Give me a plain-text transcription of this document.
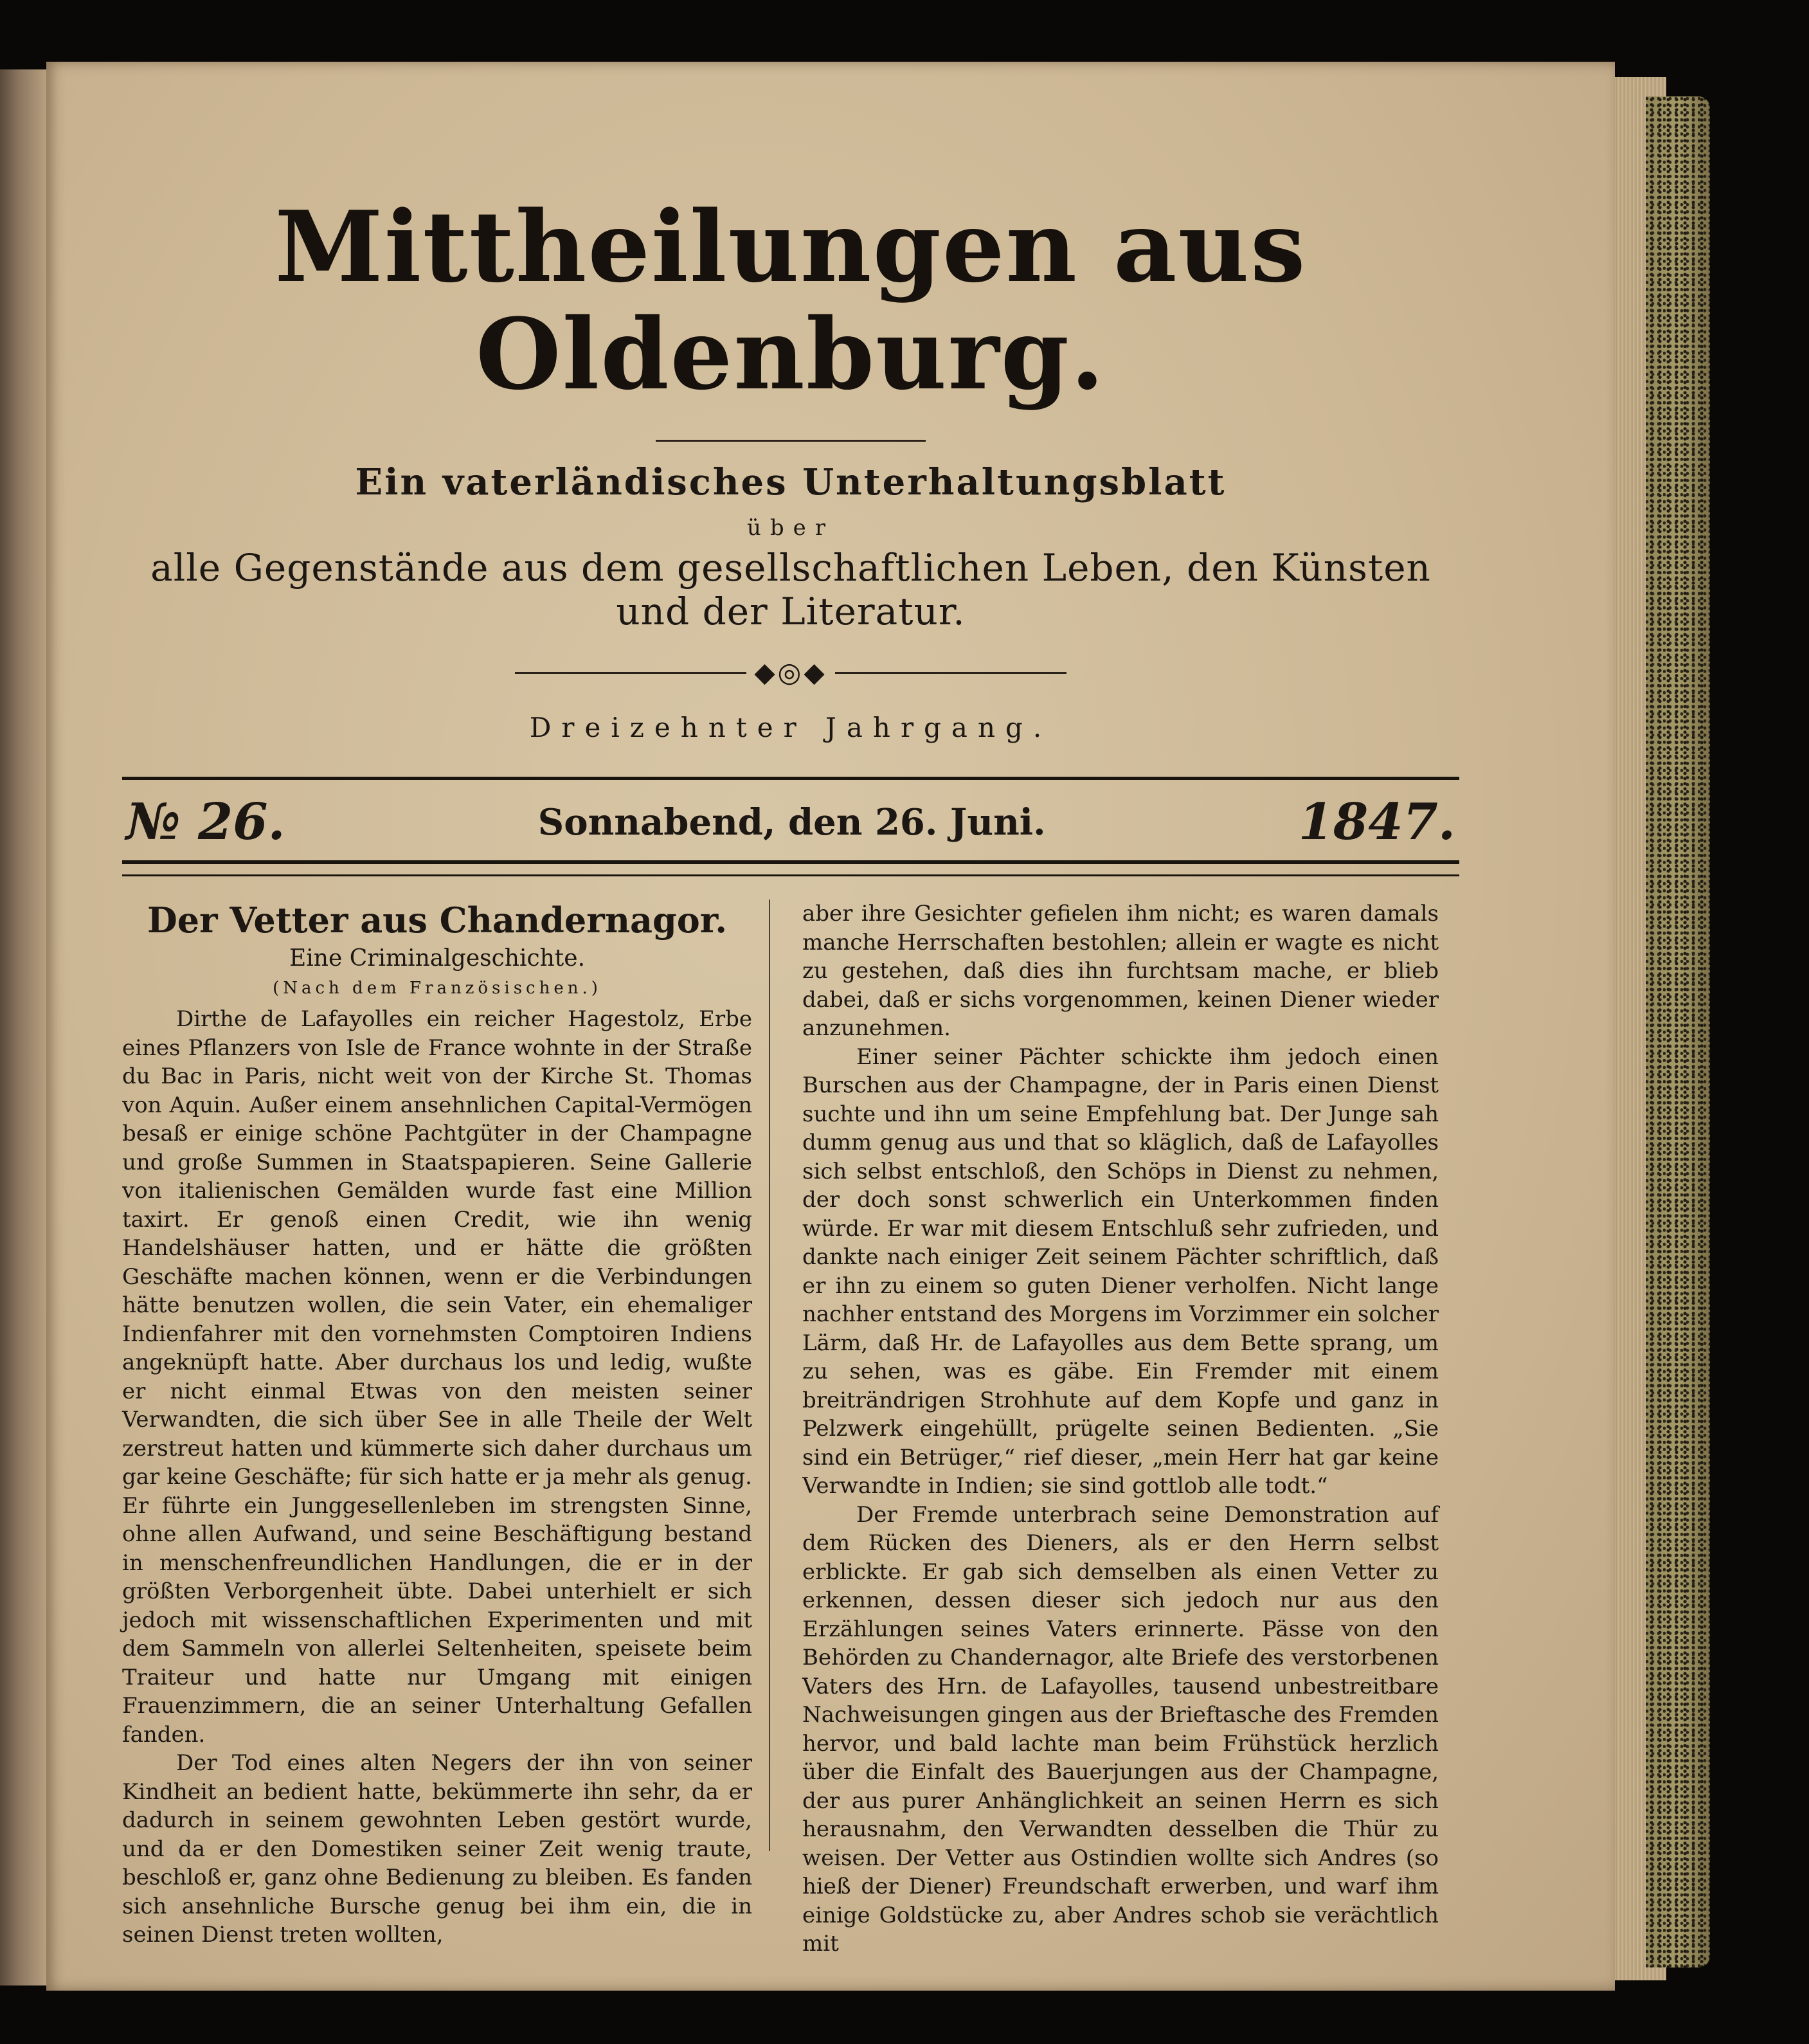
Mittheilungen aus Oldenburg.
Ein vaterländisches Unterhaltungsblatt
über
alle Gegenstände aus dem gesellschaftlichen Leben, den Künsten und der Literatur.
◆◎◆
Dreizehnter Jahrgang.
№ 26.	Sonnabend, den 26. Juni.	1847.
Der Vetter aus Chandernagor.
Eine Criminalgeschichte.
(Nach dem Französischen.)

Dirthe de Lafayolles ein reicher Hagestolz, Erbe eines Pflanzers von Isle de France wohnte in der Straße du Bac in Paris, nicht weit von der Kirche St. Thomas von Aquin. Außer einem ansehnlichen Capital-Vermögen besaß er einige schöne Pachtgüter in der Champagne und große Summen in Staatspapieren. Seine Gallerie von italienischen Gemälden wurde fast eine Million taxirt. Er genoß einen Credit, wie ihn wenig Handelshäuser hatten, und er hätte die größten Geschäfte machen können, wenn er die Verbindungen hätte benutzen wollen, die sein Vater, ein ehemaliger Indienfahrer mit den vornehmsten Comptoiren Indiens angeknüpft hatte. Aber durchaus los und ledig, wußte er nicht einmal Etwas von den meisten seiner Verwandten, die sich über See in alle Theile der Welt zerstreut hatten und kümmerte sich daher durchaus um gar keine Geschäfte; für sich hatte er ja mehr als genug. Er führte ein Junggesellenleben im strengsten Sinne, ohne allen Aufwand, und seine Beschäftigung bestand in menschenfreundlichen Handlungen, die er in der größten Verborgenheit übte. Dabei unterhielt er sich jedoch mit wissenschaftlichen Experimenten und mit dem Sammeln von allerlei Seltenheiten, speisete beim Traiteur und hatte nur Umgang mit einigen Frauenzimmern, die an seiner Unterhaltung Gefallen fanden.

Der Tod eines alten Negers der ihn von seiner Kindheit an bedient hatte, bekümmerte ihn sehr, da er dadurch in seinem gewohnten Leben gestört wurde, und da er den Domestiken seiner Zeit wenig traute, beschloß er, ganz ohne Bedienung zu bleiben. Es fanden sich ansehnliche Bursche genug bei ihm ein, die in seinen Dienst treten wollten,

aber ihre Gesichter gefielen ihm nicht; es waren damals manche Herrschaften bestohlen; allein er wagte es nicht zu gestehen, daß dies ihn furchtsam mache, er blieb dabei, daß er sichs vorgenommen, keinen Diener wieder anzunehmen.

Einer seiner Pächter schickte ihm jedoch einen Burschen aus der Champagne, der in Paris einen Dienst suchte und ihn um seine Empfehlung bat. Der Junge sah dumm genug aus und that so kläglich, daß de Lafayolles sich selbst entschloß, den Schöps in Dienst zu nehmen, der doch sonst schwerlich ein Unterkommen finden würde. Er war mit diesem Entschluß sehr zufrieden, und dankte nach einiger Zeit seinem Pächter schriftlich, daß er ihn zu einem so guten Diener verholfen. Nicht lange nachher entstand des Morgens im Vorzimmer ein solcher Lärm, daß Hr. de Lafayolles aus dem Bette sprang, um zu sehen, was es gäbe. Ein Fremder mit einem breiträndrigen Strohhute auf dem Kopfe und ganz in Pelzwerk eingehüllt, prügelte seinen Bedienten. „Sie sind ein Betrüger,“ rief dieser, „mein Herr hat gar keine Verwandte in Indien; sie sind gottlob alle todt.“

Der Fremde unterbrach seine Demonstration auf dem Rücken des Dieners, als er den Herrn selbst erblickte. Er gab sich demselben als einen Vetter zu erkennen, dessen dieser sich jedoch nur aus den Erzählungen seines Vaters erinnerte. Pässe von den Behörden zu Chandernagor, alte Briefe des verstorbenen Vaters des Hrn. de Lafayolles, tausend unbestreitbare Nachweisungen gingen aus der Brieftasche des Fremden hervor, und bald lachte man beim Frühstück herzlich über die Einfalt des Bauerjungen aus der Champagne, der aus purer Anhänglichkeit an seinen Herrn es sich herausnahm, den Verwandten desselben die Thür zu weisen. Der Vetter aus Ostindien wollte sich Andres (so hieß der Diener) Freundschaft erwerben, und warf ihm einige Goldstücke zu, aber Andres schob sie verächtlich mit
